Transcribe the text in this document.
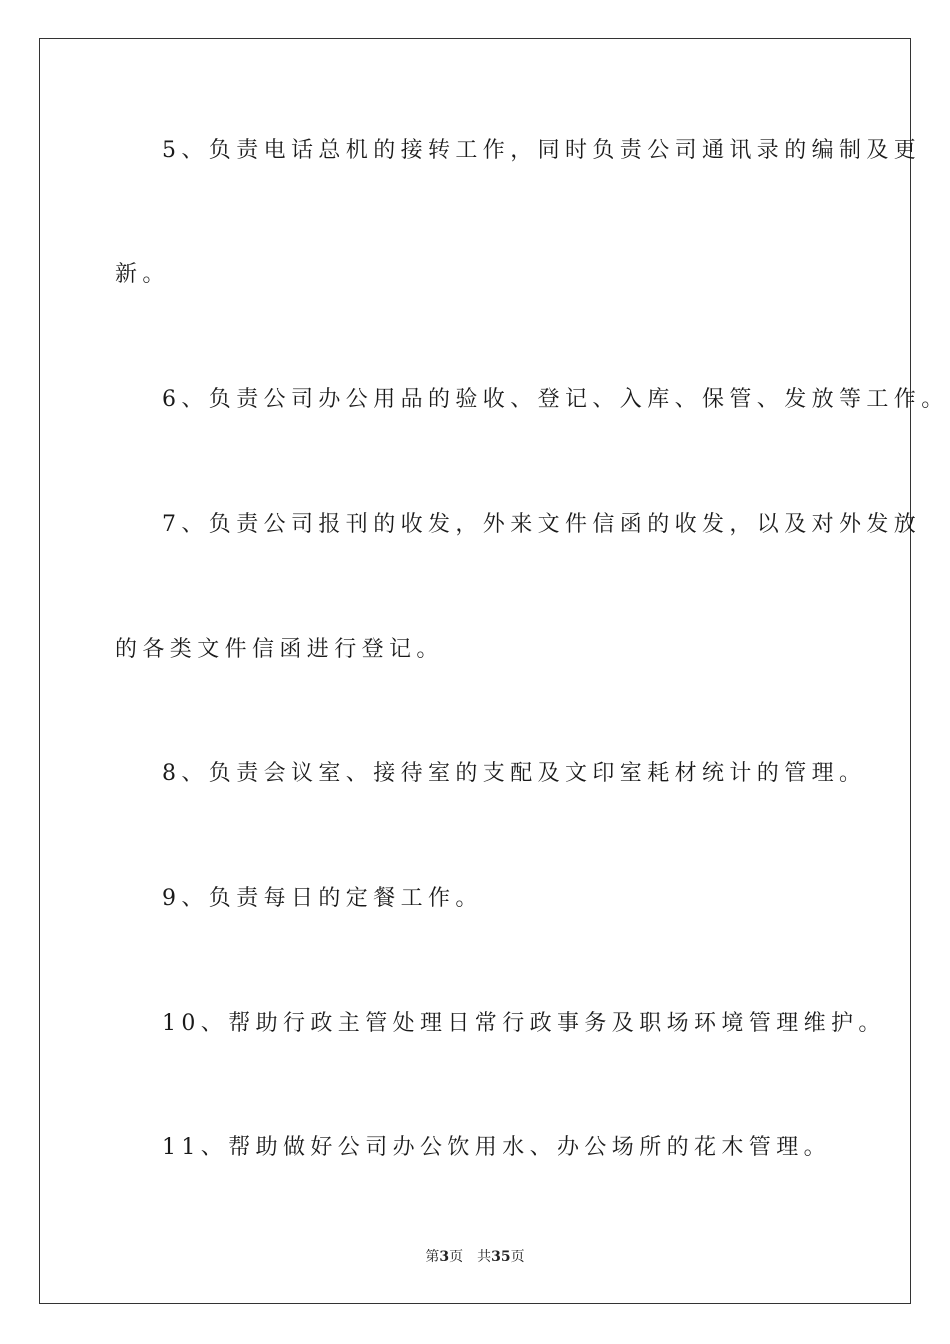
5、负责电话总机的接转工作，同时负责公司通讯录的编制及更
新。
6、负责公司办公用品的验收、登记、入库、保管、发放等工作。
7、负责公司报刊的收发，外来文件信函的收发，以及对外发放
的各类文件信函进行登记。
8、负责会议室、接待室的支配及文印室耗材统计的管理。
9、负责每日的定餐工作。
10、帮助行政主管处理日常行政事务及职场环境管理维护。
11、帮助做好公司办公饮用水、办公场所的花木管理。
第3页 共35页
